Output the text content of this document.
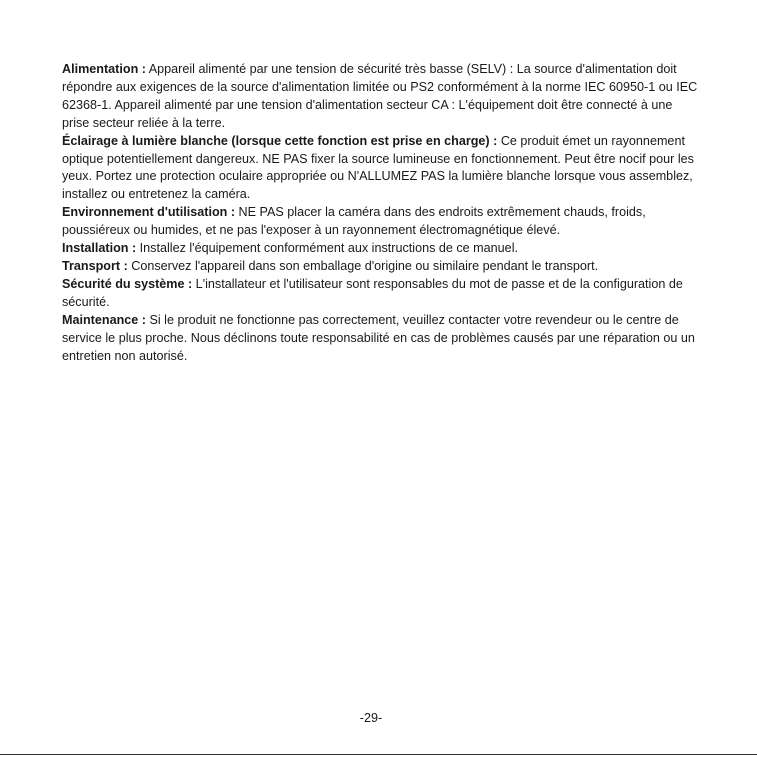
Alimentation : Appareil alimenté par une tension de sécurité très basse (SELV) : La source d'alimentation doit répondre aux exigences de la source d'alimentation limitée ou PS2 conformément à la norme IEC 60950-1 ou IEC 62368-1. Appareil alimenté par une tension d'alimentation secteur CA : L'équipement doit être connecté à une prise secteur reliée à la terre.

Éclairage à lumière blanche (lorsque cette fonction est prise en charge) : Ce produit émet un rayonnement optique potentiellement dangereux. NE PAS fixer la source lumineuse en fonctionnement. Peut être nocif pour les yeux. Portez une protection oculaire appropriée ou N'ALLUMEZ PAS la lumière blanche lorsque vous assemblez, installez ou entretenez la caméra.

Environnement d'utilisation : NE PAS placer la caméra dans des endroits extrêmement chauds, froids, poussiéreux ou humides, et ne pas l'exposer à un rayonnement électromagnétique élevé.

Installation : Installez l'équipement conformément aux instructions de ce manuel.

Transport : Conservez l'appareil dans son emballage d'origine ou similaire pendant le transport.

Sécurité du système : L'installateur et l'utilisateur sont responsables du mot de passe et de la configuration de sécurité.

Maintenance : Si le produit ne fonctionne pas correctement, veuillez contacter votre revendeur ou le centre de service le plus proche. Nous déclinons toute responsabilité en cas de problèmes causés par une réparation ou un entretien non autorisé.

-29-
